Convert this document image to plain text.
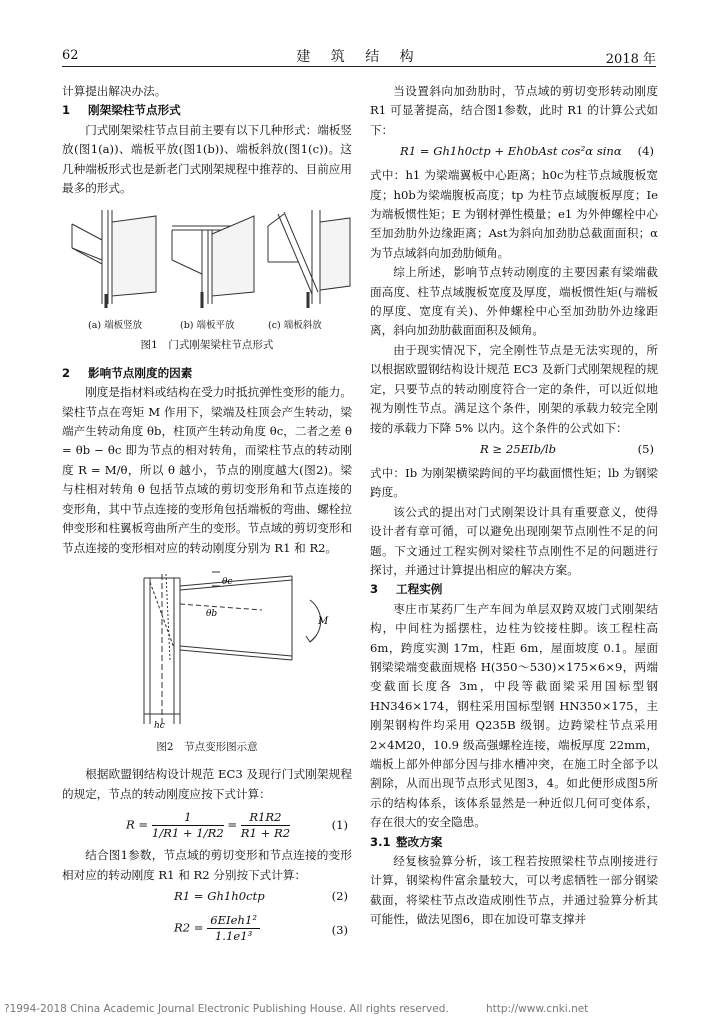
62	建 筑 结 构	2018 年

计算提出解决办法。

1 刚架梁柱节点形式

门式刚架梁柱节点目前主要有以下几种形式：端板竖放(图1(a))、端板平放(图1(b))、端板斜放(图1(c))。这几种端板形式也是新老门式刚架规程中推荐的、目前应用最多的形式。

(a) 端板竖放	(b) 端板平放	(c) 端板斜放

图1　门式刚架梁柱节点形式

2 影响节点刚度的因素

刚度是指材料或结构在受力时抵抗弹性变形的能力。梁柱节点在弯矩 M 作用下，梁端及柱顶会产生转动，梁端产生转动角度 θb，柱顶产生转动角度 θc，二者之差 θ = θb − θc 即为节点的相对转角，而梁柱节点的转动刚度 R = M/θ，所以 θ 越小，节点的刚度越大(图2)。梁与柱相对转角 θ 包括节点域的剪切变形角和节点连接的变形角，其中节点连接的变形角包括端板的弯曲、螺栓拉伸变形和柱翼板弯曲所产生的变形。节点域的剪切变形和节点连接的变形相对应的转动刚度分别为 R1 和 R2。

θc
θb
M
hc

图2　节点变形图示意

根据欧盟钢结构设计规范 EC3 及现行门式刚架规程的规定，节点的转动刚度应按下式计算：

$R = \frac{1}{1/R1 + 1/R2} = \frac{R1R2}{R1 + R2}$	(1)

结合图1参数，节点域的剪切变形和节点连接的变形相对应的转动刚度 R1 和 R2 分别按下式计算：

R1 = Gh1h0ctp	(2)
$R2 = \frac{\text{6EIeh1²}}{\text{1.1e1³}}$	(3)

当设置斜向加劲肋时，节点域的剪切变形转动刚度 R1 可显著提高，结合图1参数，此时 R1 的计算公式如下：

R1 = Gh1h0ctp + Eh0bAst cos²α sinα (4)

式中：h1 为梁端翼板中心距离；h0c为柱节点域腹板宽度；h0b为梁端腹板高度；tp 为柱节点域腹板厚度；Ie 为端板惯性矩；E 为钢材弹性模量；e1 为外伸螺栓中心至加劲肋外边缘距离；Ast为斜向加劲肋总截面面积；α 为节点域斜向加劲肋倾角。

综上所述，影响节点转动刚度的主要因素有梁端截面高度、柱节点域腹板宽度及厚度，端板惯性矩(与端板的厚度、宽度有关)、外伸螺栓中心至加劲肋外边缘距离，斜向加劲肋截面面积及倾角。

由于现实情况下，完全刚性节点是无法实现的，所以根据欧盟钢结构设计规范 EC3 及新门式刚架规程的规定，只要节点的转动刚度符合一定的条件，可以近似地视为刚性节点。满足这个条件，刚架的承载力较完全刚接的承载力下降 5% 以内。这个条件的公式如下：

R ≥ 25EIb/lb	(5)

式中：Ib 为刚架横梁跨间的平均截面惯性矩；lb 为钢梁跨度。

该公式的提出对门式刚架设计具有重要意义，使得设计者有章可循，可以避免出现刚架节点刚性不足的问题。下文通过工程实例对梁柱节点刚性不足的问题进行探讨，并通过计算提出相应的解决方案。

3 工程实例

枣庄市某药厂生产车间为单层双跨双坡门式刚架结构，中间柱为摇摆柱，边柱为铰接柱脚。该工程柱高 6m，跨度实测 17m，柱距 6m，屋面坡度 0.1。屋面钢梁梁端变截面规格 H(350～530)×175×6×9，两端变截面长度各 3m，中段等截面梁采用国标型钢 HN346×174，钢柱采用国标型钢 HN350×175，主刚架钢构件均采用 Q235B 级钢。边跨梁柱节点采用 2×4M20，10.9 级高强螺栓连接，端板厚度 22mm，端板上部外伸部分因与排水槽冲突，在施工时全部予以割除，从而出现节点形式见图3，4。如此便形成图5所示的结构体系，该体系显然是一种近似几何可变体系，存在很大的安全隐患。

3.1 整改方案

经复核验算分析，该工程若按照梁柱节点刚接进行计算，钢梁构件富余量较大，可以考虑牺牲一部分钢梁截面，将梁柱节点改造成刚性节点，并通过验算分析其可能性，做法见图6，即在加设可靠支撑并

?1994-2018 China Academic Journal Electronic Publishing House. All rights reserved.	http://www.cnki.net
